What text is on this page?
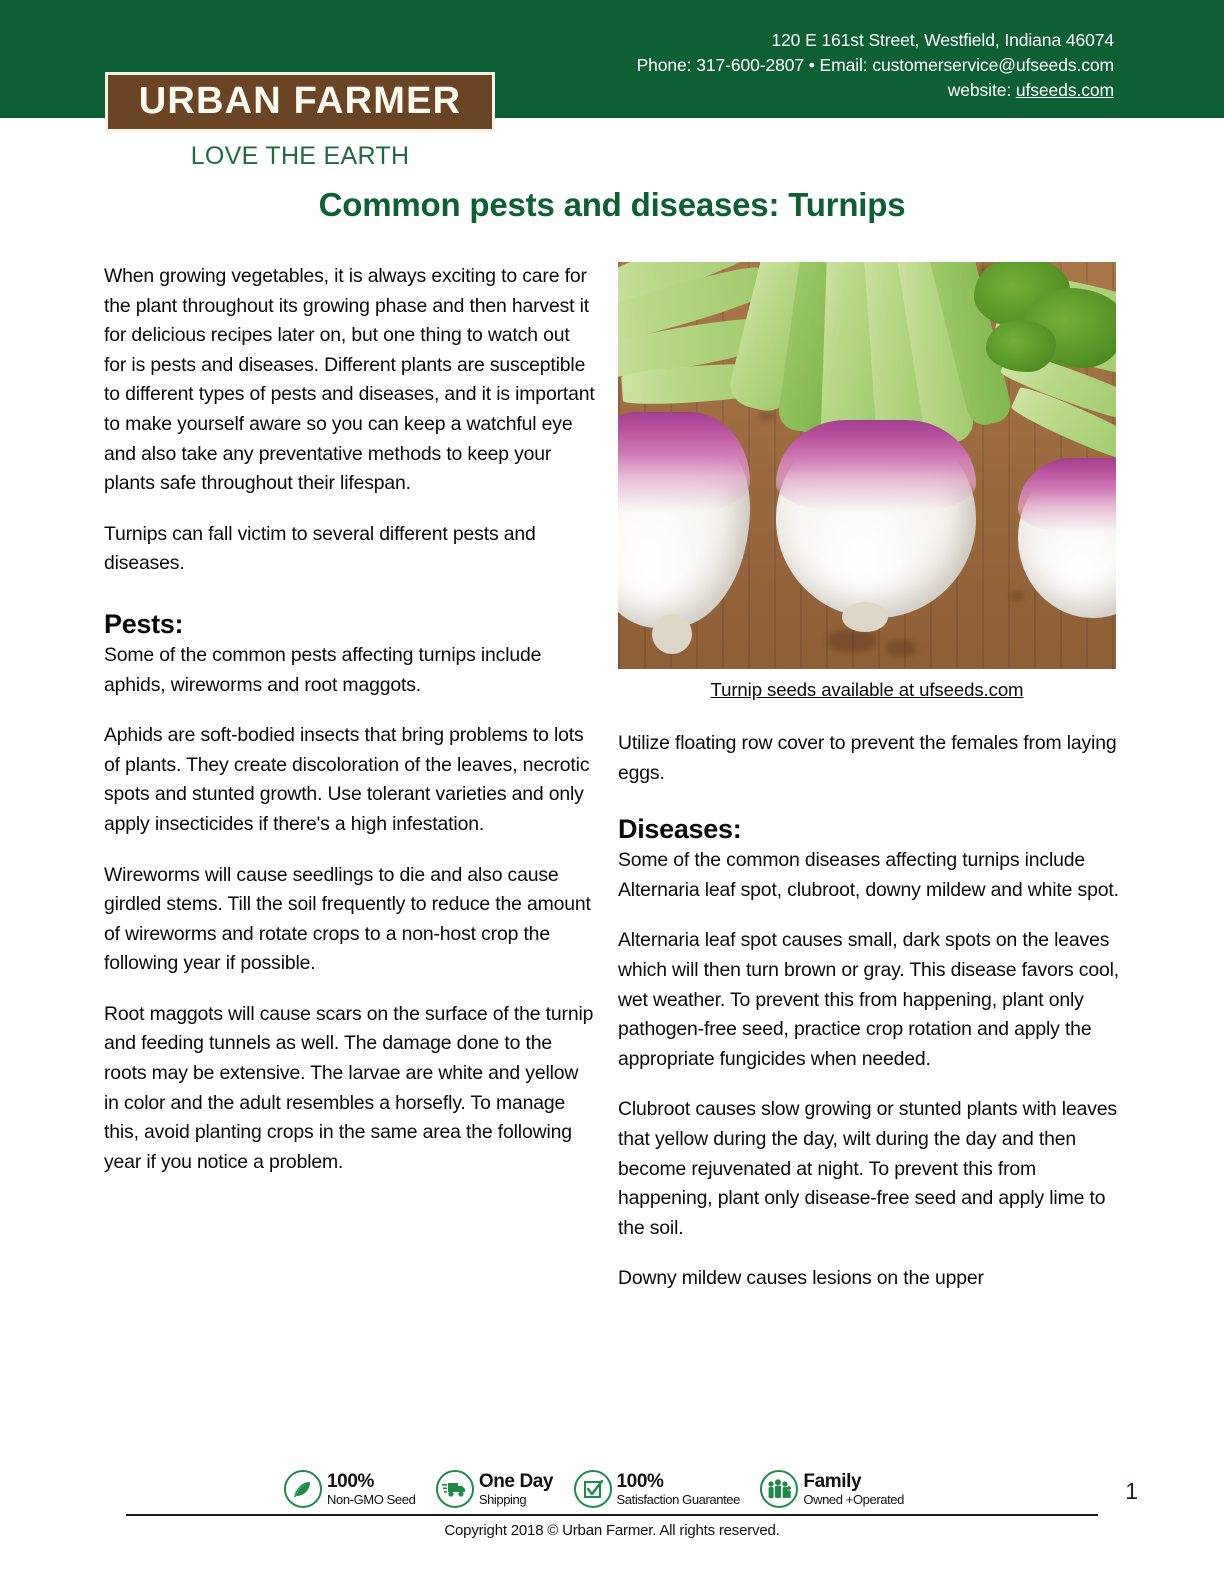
120 E 161st Street, Westfield, Indiana 46074
Phone: 317-600-2807 • Email: customerservice@ufseeds.com
website: ufseeds.com
URBAN FARMER
LOVE THE EARTH
Common pests and diseases: Turnips

When growing vegetables, it is always exciting to care for the plant throughout its growing phase and then harvest it for delicious recipes later on, but one thing to watch out for is pests and diseases. Different plants are susceptible to different types of pests and diseases, and it is important to make yourself aware so you can keep a watchful eye and also take any preventative methods to keep your plants safe throughout their lifespan.

Turnips can fall victim to several different pests and diseases.

Pests:

Some of the common pests affecting turnips include aphids, wireworms and root maggots.

Aphids are soft-bodied insects that bring problems to lots of plants. They create discoloration of the leaves, necrotic spots and stunted growth. Use tolerant varieties and only apply insecticides if there's a high infestation.

Wireworms will cause seedlings to die and also cause girdled stems. Till the soil frequently to reduce the amount of wireworms and rotate crops to a non-host crop the following year if possible.

Root maggots will cause scars on the surface of the turnip and feeding tunnels as well. The damage done to the roots may be extensive. The larvae are white and yellow in color and the adult resembles a horsefly. To manage this, avoid planting crops in the same area the following year if you notice a problem.

Turnip seeds available at ufseeds.com

Utilize floating row cover to prevent the females from laying eggs.

Diseases:

Some of the common diseases affecting turnips include Alternaria leaf spot, clubroot, downy mildew and white spot.

Alternaria leaf spot causes small, dark spots on the leaves which will then turn brown or gray. This disease favors cool, wet weather. To prevent this from happening, plant only pathogen-free seed, practice crop rotation and apply the appropriate fungicides when needed.

Clubroot causes slow growing or stunted plants with leaves that yellow during the day, wilt during the day and then become rejuvenated at night. To prevent this from happening, plant only disease-free seed and apply lime to the soil.

Downy mildew causes lesions on the upper

100%
Non-GMO Seed
One Day
Shipping
100%
Satisfaction Guarantee
Family
Owned +Operated	1
Copyright 2018 © Urban Farmer. All rights reserved.
